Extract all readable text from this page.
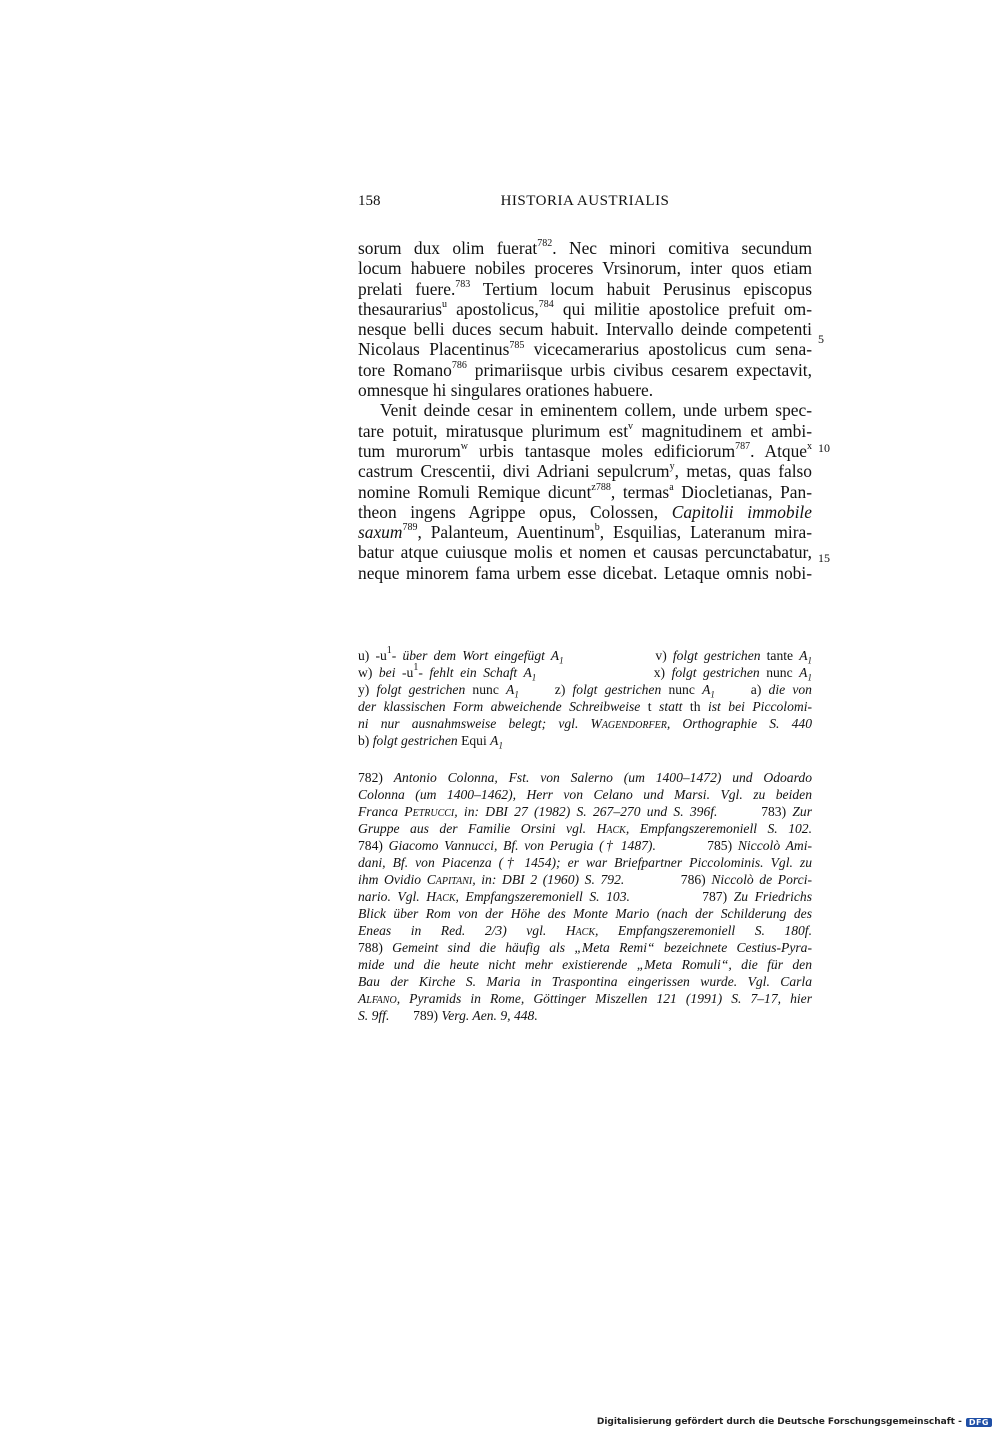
158	HISTORIA AUSTRIALIS
sorum dux olim fuerat$^{782}$. Nec minori comitiva secundum
locum habuere nobiles proceres Vrsinorum, inter quos etiam
prelati fuere.$^{783}$ Tertium locum habuit Perusinus episcopus
thesaurarius$^u$ apostolicus,$^{784}$ qui militie apostolice prefuit om-
nesque belli duces secum habuit. Intervallo deinde competenti
Nicolaus Placentinus$^{785}$ vicecamerarius apostolicus cum sena-
tore Romano$^{786}$ primariisque urbis civibus cesarem expectavit,
omnesque hi singulares orationes habuere.
Venit deinde cesar in eminentem collem, unde urbem spec-
tare potuit, miratusque plurimum est$^v$ magnitudinem et ambi-
tum murorum$^w$ urbis tantasque moles edificiorum$^{787}$. Atque$^x$
castrum Crescentii, divi Adriani sepulcrum$^y$, metas, quas falso
nomine Romuli Remique dicunt$^{z788}$, termas$^a$ Diocletianas, Pan-
theon ingens Agrippe opus, Colossen, Capitolii immobile
saxum$^{789}$, Palanteum, Auentinum$^b$, Esquilias, Lateranum mira-
batur atque cuiusque molis et nomen et causas percunctabatur,
neque minorem fama urbem esse dicebat. Letaque omnis nobi-
5
10
15
u) $-u^1-$ über dem Wort eingefügt $A_1$               v) folgt gestrichen tante $A_1$
w) bei $-u^1-$ fehlt ein Schaft $A_1$                  x) folgt gestrichen nunc $A_1$
y) folgt gestrichen nunc $A_1$     z) folgt gestrichen nunc $A_1$     a) die von
der klassischen Form abweichende Schreibweise t statt th ist bei Piccolomi-
ni nur ausnahmsweise belegt; vgl. Wagendorfer, Orthographie S. 440
b) folgt gestrichen Equi $A_1$
782) Antonio Colonna, Fst. von Salerno (um 1400–1472) und Odoardo
Colonna (um 1400–1462), Herr von Celano und Marsi. Vgl. zu beiden
Franca Petrucci, in: DBI 27 (1982) S. 267–270 und S. 396f.       783) Zur
Gruppe aus der Familie Orsini vgl. Hack, Empfangszeremoniell S. 102.
784) Giacomo Vannucci, Bf. von Perugia († 1487).         785) Niccolò Ami-
dani, Bf. von Piacenza († 1454); er war Briefpartner Piccolominis. Vgl. zu
ihm Ovidio Capitani, in: DBI 2 (1960) S. 792.          786) Niccolò de Porci-
nario. Vgl. Hack, Empfangszeremoniell S. 103.           787) Zu Friedrichs
Blick über Rom von der Höhe des Monte Mario (nach der Schilderung des
Eneas in Red. 2/3) vgl. Hack, Empfangszeremoniell S. 180f.
788) Gemeint sind die häufig als „Meta Remi“ bezeichnete Cestius-Pyra-
mide und die heute nicht mehr existierende „Meta Romuli“, die für den
Bau der Kirche S. Maria in Traspontina eingerissen wurde. Vgl. Carla
Alfano, Pyramids in Rome, Göttinger Miszellen 121 (1991) S. 7–17, hier
S. 9ff.       789) Verg. Aen. 9, 448.
Digitalisierung gefördert durch die Deutsche Forschungsgemeinschaft - DFG
